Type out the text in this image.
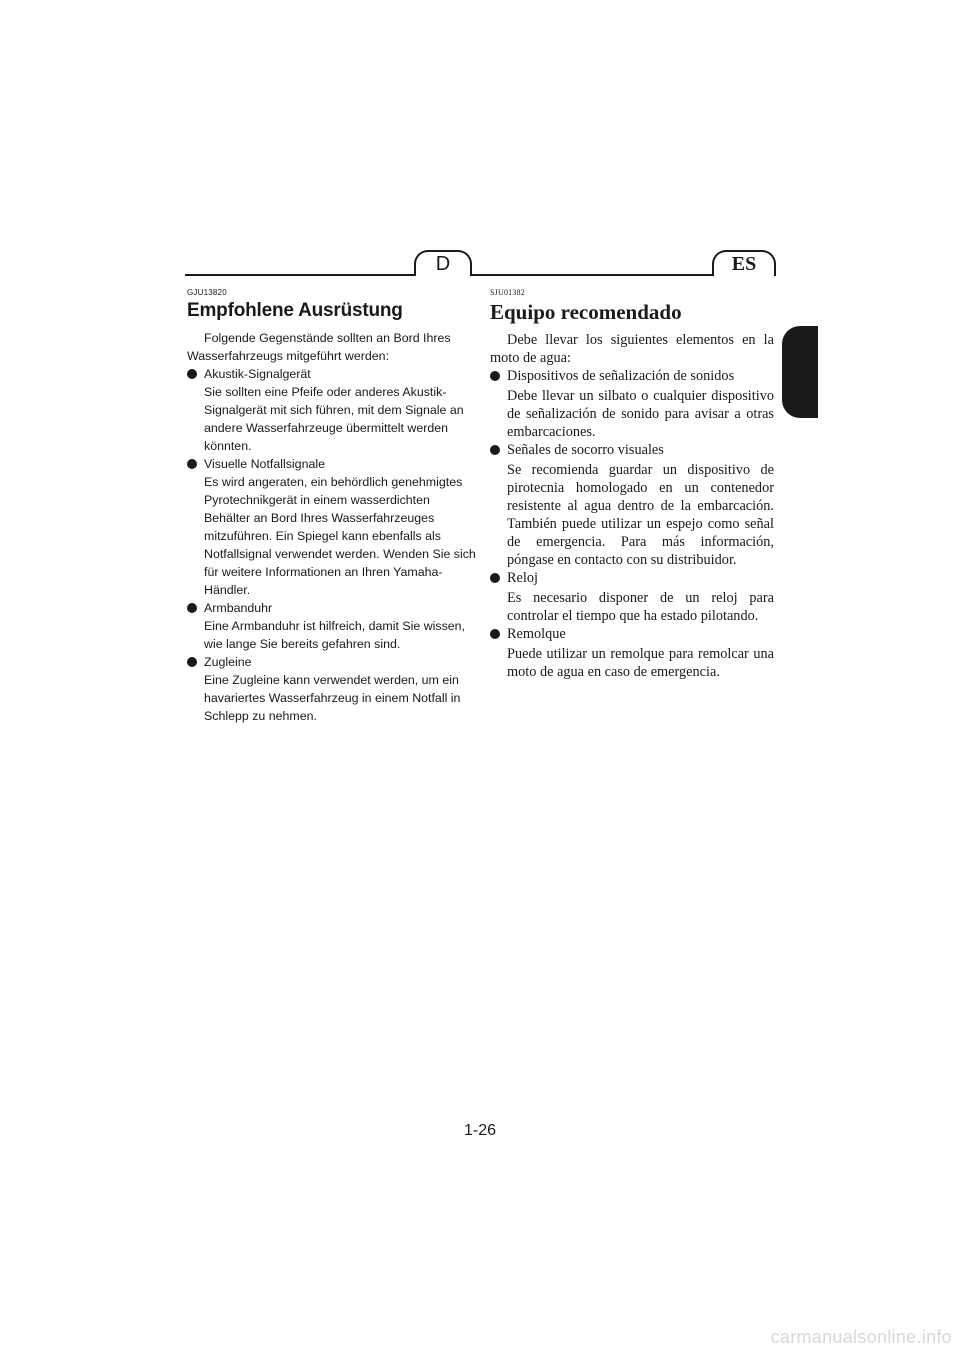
D	ES
GJU13820
Empfohlene Ausrüstung

Folgende Gegenstände sollten an Bord Ihres Wasserfahrzeugs mitgeführt werden:

Akustik-Signalgerät

Sie sollten eine Pfeife oder anderes Akustik-Signalgerät mit sich führen, mit dem Signale an andere Wasserfahrzeuge übermittelt werden könnten.

Visuelle Notfallsignale

Es wird angeraten, ein behördlich genehmigtes Pyrotechnikgerät in einem wasserdichten Behälter an Bord Ihres Wasserfahrzeuges mitzuführen. Ein Spiegel kann ebenfalls als Notfallsignal verwendet werden. Wenden Sie sich für weitere Informationen an Ihren Yamaha-Händler.

Armbanduhr

Eine Armbanduhr ist hilfreich, damit Sie wissen, wie lange Sie bereits gefahren sind.

Zugleine

Eine Zugleine kann verwendet werden, um ein havariertes Wasserfahrzeug in einem Notfall in Schlepp zu nehmen.

SJU01382
Equipo recomendado

Debe llevar los siguientes elementos en la moto de agua:

Dispositivos de señalización de sonidos

Debe llevar un silbato o cualquier dispositivo de señalización de sonido para avisar a otras embarcaciones.

Señales de socorro visuales

Se recomienda guardar un dispositivo de pirotecnia homologado en un contenedor resistente al agua dentro de la embarcación. También puede utilizar un espejo como señal de emergencia. Para más información, póngase en contacto con su distribuidor.

Reloj

Es necesario disponer de un reloj para controlar el tiempo que ha estado pilotando.

Remolque

Puede utilizar un remolque para remolcar una moto de agua en caso de emergencia.

1-26
carmanualsonline.info
